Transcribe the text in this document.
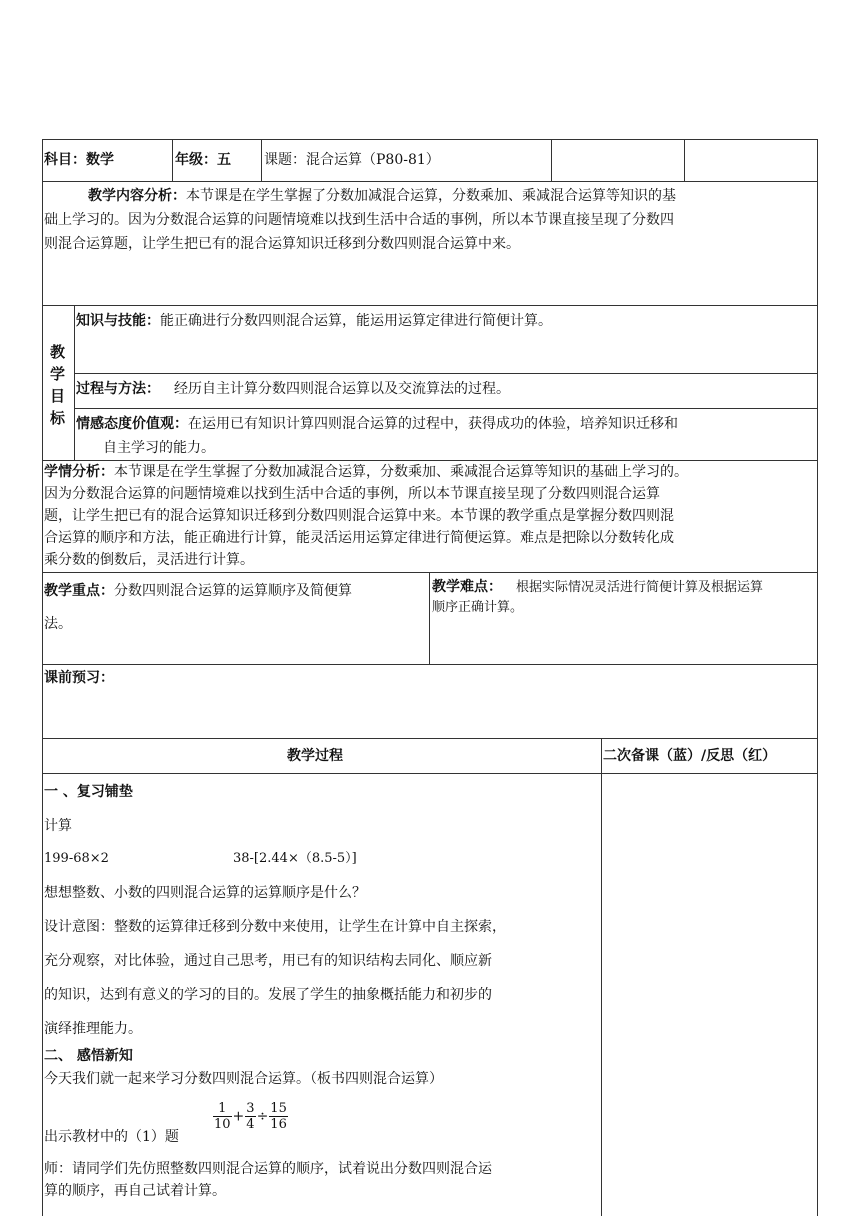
科目：数学	年级：五 课题：混合运算（P80-81）
教学内容分析：本节课是在学生掌握了分数加减混合运算，分数乘加、乘减混合运算等知识的基
础上学习的。因为分数混合运算的问题情境难以找到生活中合适的事例，所以本节课直接呈现了分数四
则混合运算题，让学生把已有的混合运算知识迁移到分数四则混合运算中来。
教
学
目
标
知识与技能：能正确进行分数四则混合运算，能运用运算定律进行简便计算。
过程与方法： 经历自主计算分数四则混合运算以及交流算法的过程。
情感态度价值观：在运用已有知识计算四则混合运算的过程中，获得成功的体验，培养知识迁移和
自主学习的能力。
学情分析：本节课是在学生掌握了分数加减混合运算，分数乘加、乘减混合运算等知识的基础上学习的。
因为分数混合运算的问题情境难以找到生活中合适的事例，所以本节课直接呈现了分数四则混合运算
题，让学生把已有的混合运算知识迁移到分数四则混合运算中来。本节课的教学重点是掌握分数四则混
合运算的顺序和方法，能正确进行计算，能灵活运用运算定律进行简便运算。难点是把除以分数转化成
乘分数的倒数后，灵活进行计算。
教学重点：分数四则混合运算的运算顺序及简便算
法。
教学难点： 根据实际情况灵活进行简便计算及根据运算
顺序正确计算。
课前预习：
教学过程	二次备课（蓝）/反思（红）
一 、复习铺垫
计算
199-68×2	38-[2.44×（8.5-5）]
想想整数、小数的四则混合运算的运算顺序是什么？
设计意图：整数的运算律迁移到分数中来使用，让学生在计算中自主探索，
充分观察，对比体验，通过自己思考，用已有的知识结构去同化、顺应新
的知识，达到有意义的学习的目的。发展了学生的抽象概括能力和初步的
演绎推理能力。
二、 感悟新知
今天我们就一起来学习分数四则混合运算。（板书四则混合运算）
出示教材中的（1）题
$\frac{1}{10} + \frac{3}{4} \div \frac{15}{16}$
师：请同学们先仿照整数四则混合运算的顺序，试着说出分数四则混合运
算的顺序，再自己试着计算。
